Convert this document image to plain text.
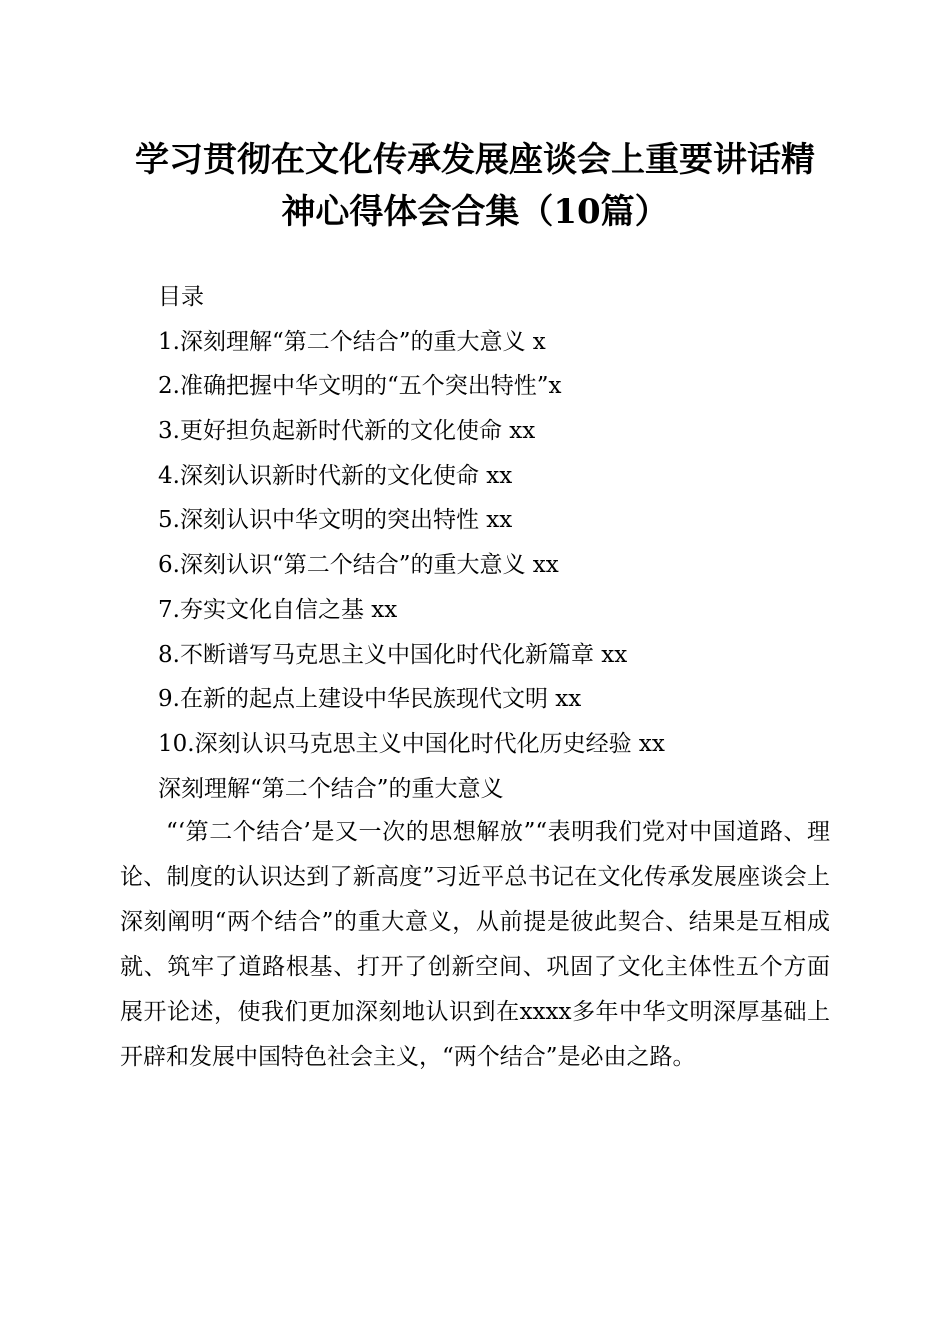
学习贯彻在文化传承发展座谈会上重要讲话精
神心得体会合集（10篇）
目录
1.深刻理解“第二个结合”的重大意义 x
2.准确把握中华文明的“五个突出特性”x
3.更好担负起新时代新的文化使命 xx
4.深刻认识新时代新的文化使命 xx
5.深刻认识中华文明的突出特性 xx
6.深刻认识“第二个结合”的重大意义 xx
7.夯实文化自信之基 xx
8.不断谱写马克思主义中国化时代化新篇章 xx
9.在新的起点上建设中华民族现代文明 xx
10.深刻认识马克思主义中国化时代化历史经验 xx
深刻理解“第二个结合”的重大意义

“‘第二个结合’是又一次的思想解放”“表明我们党对中国道路、理论、制度的认识达到了新高度”习近平总书记在文化传承发展座谈会上深刻阐明“两个结合”的重大意义，从前提是彼此契合、结果是互相成就、筑牢了道路根基、打开了创新空间、巩固了文化主体性五个方面展开论述，使我们更加深刻地认识到在xxxx多年中华文明深厚基础上开辟和发展中国特色社会主义，“两个结合”是必由之路。
